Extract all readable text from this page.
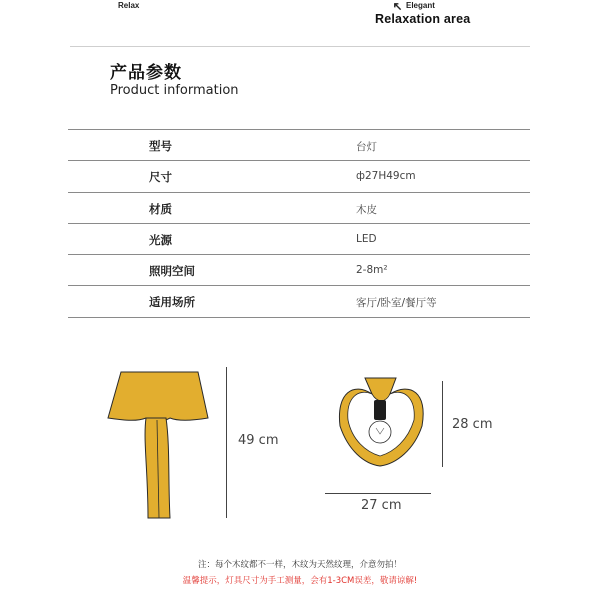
Relax	Elegant
Relaxation area
产品参数
Product information
型号	台灯
尺寸	ф27H49cm
材质	木皮
光源	LED
照明空间	2-8m²
适用场所	客厅/卧室/餐厅等
49 cm
28 cm
27 cm
注：每个木纹都不一样，木纹为天然纹理，介意勿拍！
温馨提示，灯具尺寸为手工测量，会有1-3CM误差，敬请谅解!
